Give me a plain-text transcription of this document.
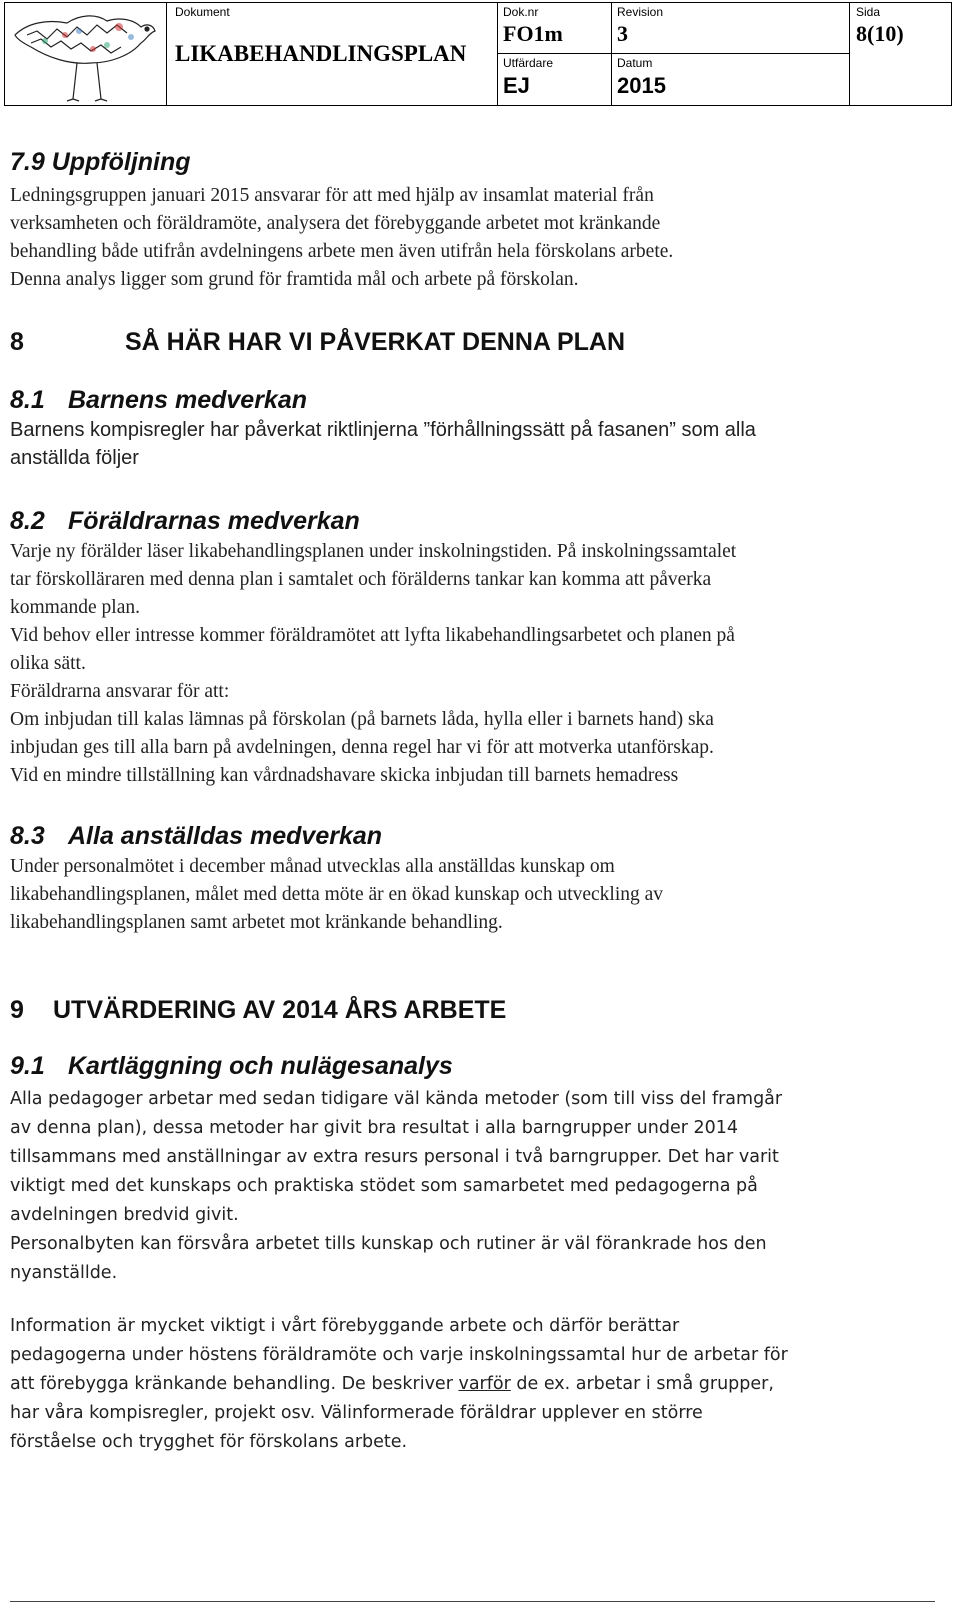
Dokument
LIKABEHANDLINGSPLAN
Dok.nr
FO1m
Revision
3
Sida
8(10)
Utfärdare
EJ
Datum
2015
7.9 Uppföljning
Ledningsgruppen januari 2015 ansvarar för att med hjälp av insamlat material från
verksamheten och föräldramöte, analysera det förebyggande arbetet mot kränkande
behandling både utifrån avdelningens arbete men även utifrån hela förskolans arbete.
Denna analys ligger som grund för framtida mål och arbete på förskolan.
8	SÅ HÄR HAR VI PÅVERKAT DENNA PLAN
8.1 Barnens medverkan
Barnens kompisregler har påverkat riktlinjerna ”förhållningssätt på fasanen” som alla
anställda följer
8.2 Föräldrarnas medverkan
Varje ny förälder läser likabehandlingsplanen under inskolningstiden. På inskolningssamtalet
tar förskolläraren med denna plan i samtalet och förälderns tankar kan komma att påverka
kommande plan.
Vid behov eller intresse kommer föräldramötet att lyfta likabehandlingsarbetet och planen på
olika sätt.
Föräldrarna ansvarar för att:
Om inbjudan till kalas lämnas på förskolan (på barnets låda, hylla eller i barnets hand) ska
inbjudan ges till alla barn på avdelningen, denna regel har vi för att motverka utanförskap.
Vid en mindre tillställning kan vårdnadshavare skicka inbjudan till barnets hemadress
8.3 Alla anställdas medverkan
Under personalmötet i december månad utvecklas alla anställdas kunskap om
likabehandlingsplanen, målet med detta möte är en ökad kunskap och utveckling av
likabehandlingsplanen samt arbetet mot kränkande behandling.
9 UTVÄRDERING AV 2014 ÅRS ARBETE
9.1 Kartläggning och nulägesanalys
Alla pedagoger arbetar med sedan tidigare väl kända metoder (som till viss del framgår
av denna plan), dessa metoder har givit bra resultat i alla barngrupper under 2014
tillsammans med anställningar av extra resurs personal i två barngrupper. Det har varit
viktigt med det kunskaps och praktiska stödet som samarbetet med pedagogerna på
avdelningen bredvid givit.
Personalbyten kan försvåra arbetet tills kunskap och rutiner är väl förankrade hos den
nyanställde.
Information är mycket viktigt i vårt förebyggande arbete och därför berättar
pedagogerna under höstens föräldramöte och varje inskolningssamtal hur de arbetar för
att förebygga kränkande behandling. De beskriver varför de ex. arbetar i små grupper,
har våra kompisregler, projekt osv. Välinformerade föräldrar upplever en större
förståelse och trygghet för förskolans arbete.
